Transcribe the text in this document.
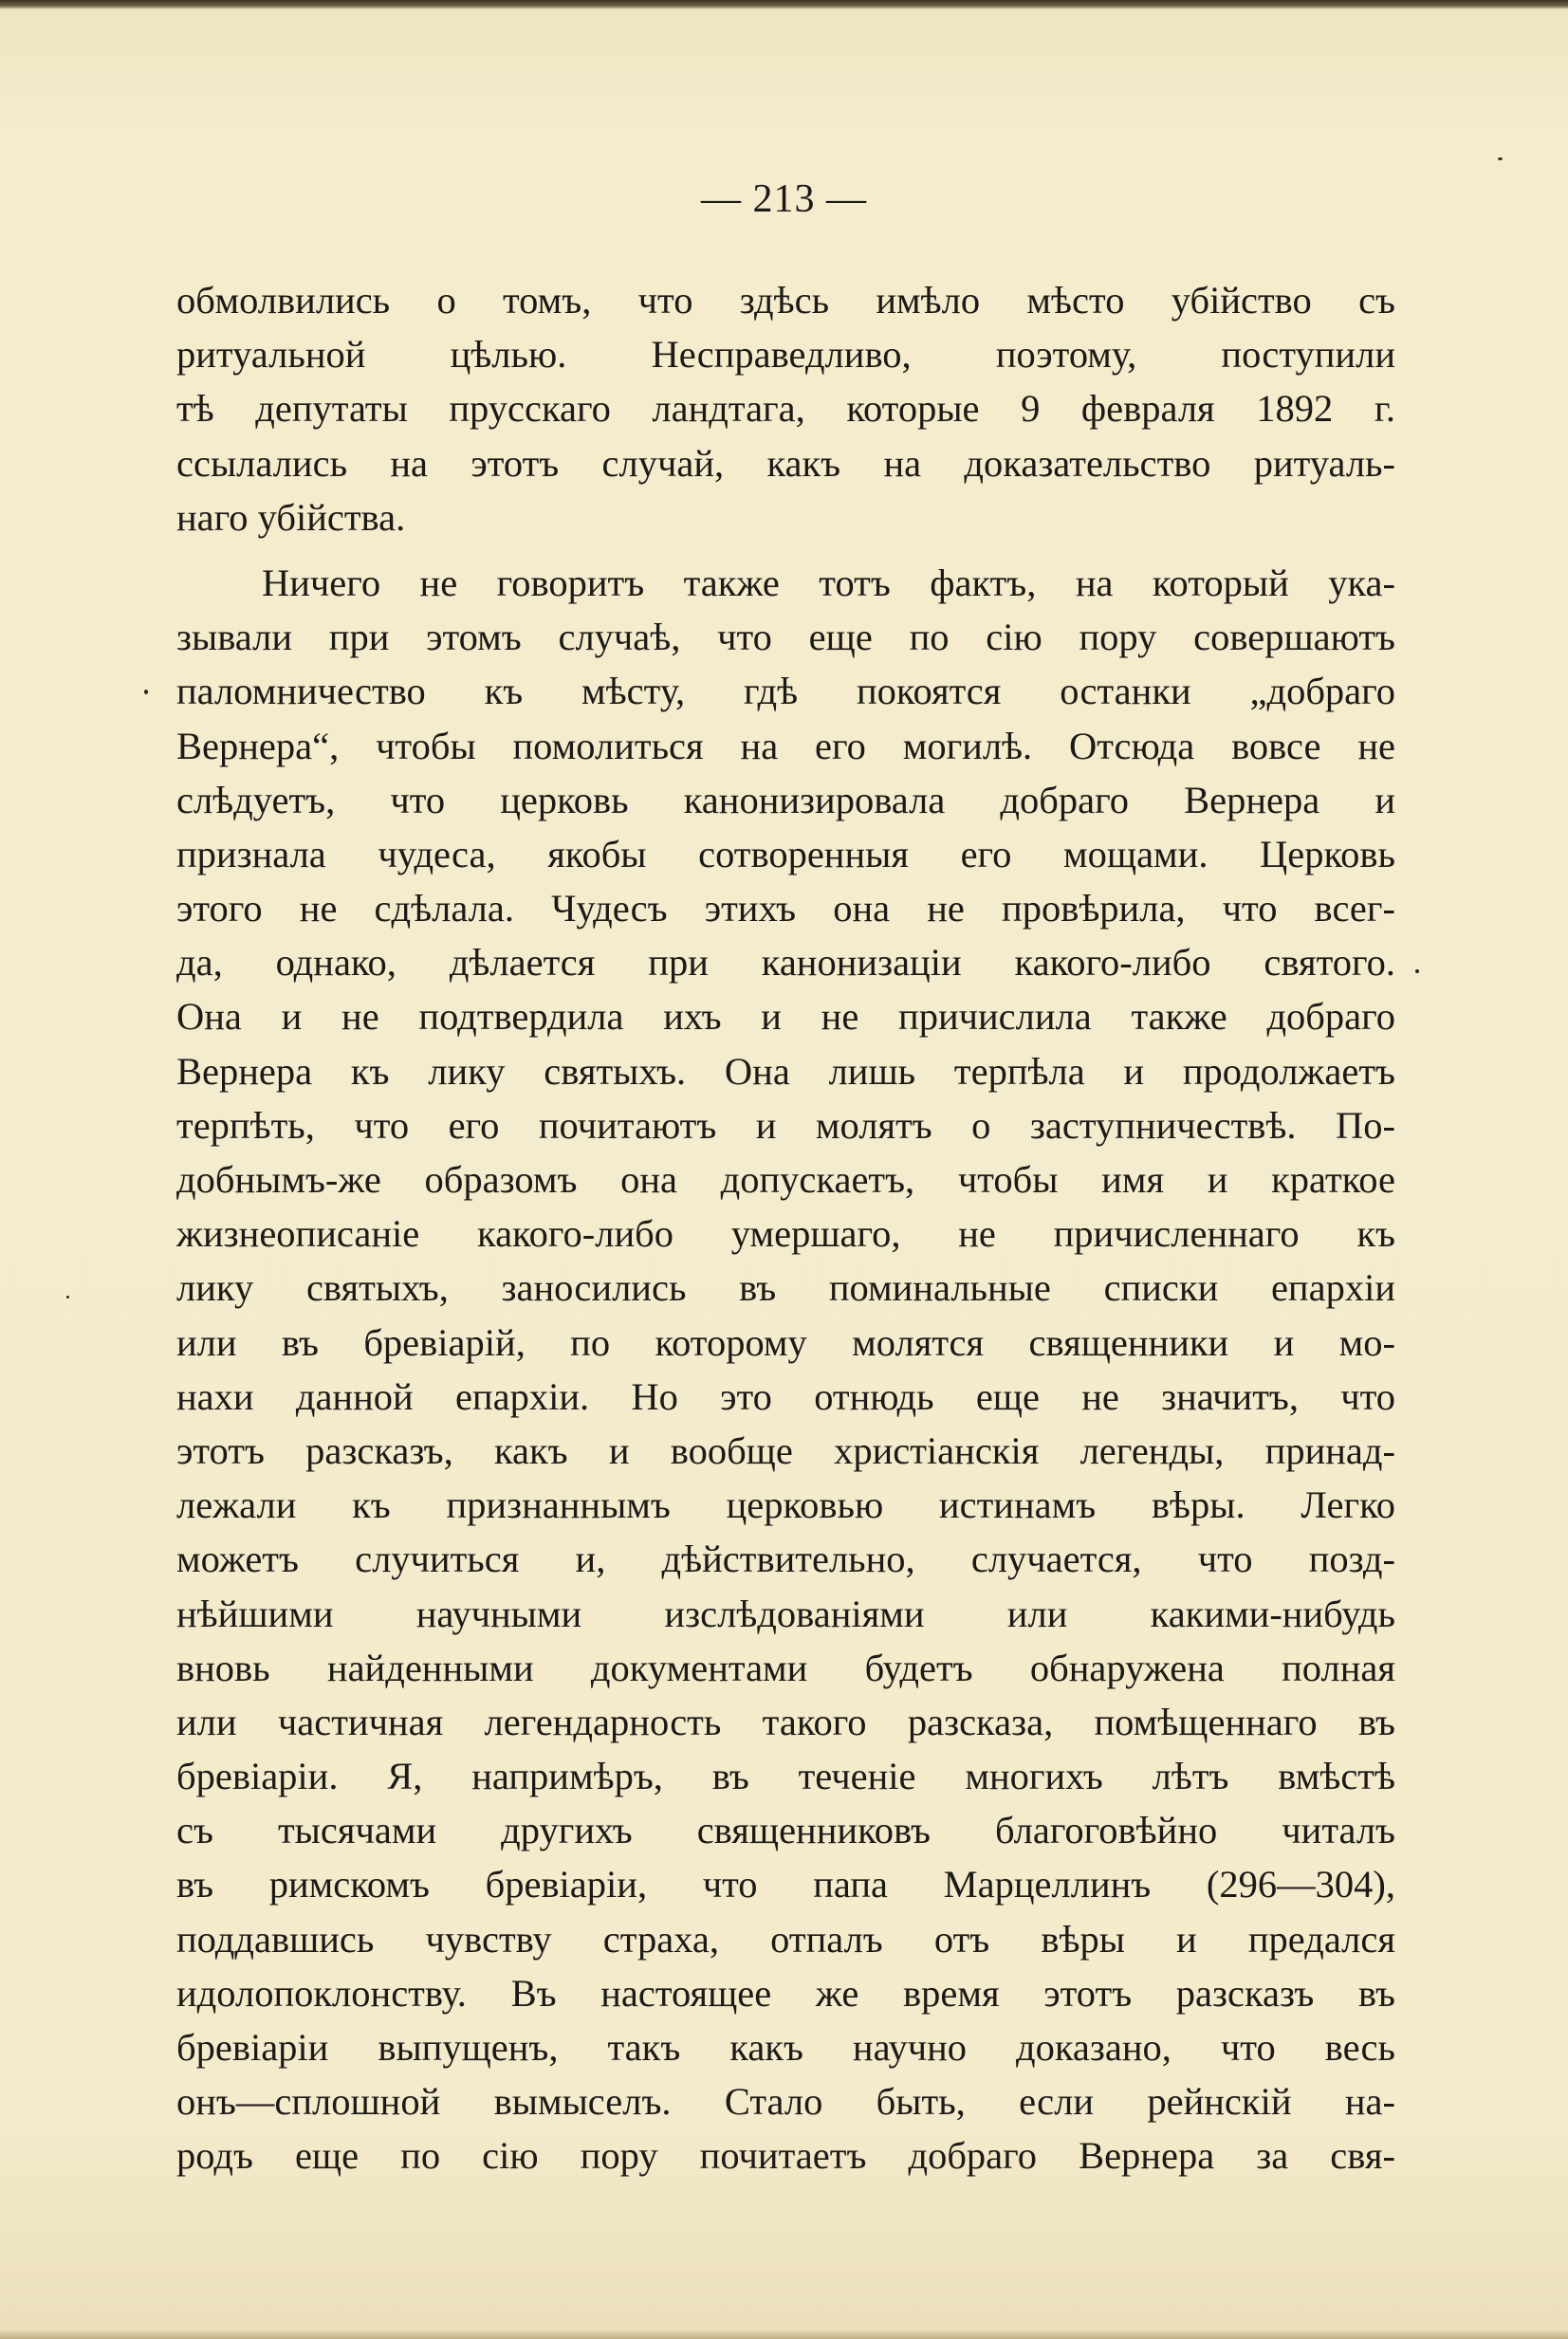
— 213 —
обмолвились о томъ, что здѣсь имѣло мѣсто убійство съ
ритуальной цѣлью. Несправедливо, поэтому, поступили
тѣ депутаты прусскаго ландтага, которые 9 февраля 1892 г.
ссылались на этотъ случай, какъ на доказательство ритуаль-
наго убійства.
Ничего не говоритъ также тотъ фактъ, на который ука-
зывали при этомъ случаѣ, что еще по сію пору совершаютъ
паломничество къ мѣсту, гдѣ покоятся останки „добраго
Вернера“, чтобы помолиться на его могилѣ. Отсюда вовсе не
слѣдуетъ, что церковь канонизировала добраго Вернера и
признала чудеса, якобы сотворенныя его мощами. Церковь
этого не сдѣлала. Чудесъ этихъ она не провѣрила, что всег-
да, однако, дѣлается при канонизаціи какого-либо святого.
Она и не подтвердила ихъ и не причислила также добраго
Вернера къ лику святыхъ. Она лишь терпѣла и продолжаетъ
терпѣть, что его почитаютъ и молятъ о заступничествѣ. По-
добнымъ-же образомъ она допускаетъ, чтобы имя и краткое
жизнеописаніе какого-либо умершаго, не причисленнаго къ
лику святыхъ, заносились въ поминальные списки епархіи
или въ бревіарій, по которому молятся священники и мо-
нахи данной епархіи. Но это отнюдь еще не значитъ, что
этотъ разсказъ, какъ и вообще христіанскія легенды, принад-
лежали къ признаннымъ церковью истинамъ вѣры. Легко
можетъ случиться и, дѣйствительно, случается, что позд-
нѣйшими научными изслѣдованіями или какими-нибудь
вновь найденными документами будетъ обнаружена полная
или частичная легендарность такого разсказа, помѣщеннаго въ
бревіаріи. Я, напримѣръ, въ теченіе многихъ лѣтъ вмѣстѣ
съ тысячами другихъ священниковъ благоговѣйно читалъ
въ римскомъ бревіаріи, что папа Марцеллинъ (296—304),
поддавшись чувству страха, отпалъ отъ вѣры и предался
идолопоклонству. Въ настоящее же время этотъ разсказъ въ
бревіаріи выпущенъ, такъ какъ научно доказано, что весь
онъ—сплошной вымыселъ. Стало быть, если рейнскій на-
родъ еще по сію пору почитаетъ добраго Вернера за свя-
